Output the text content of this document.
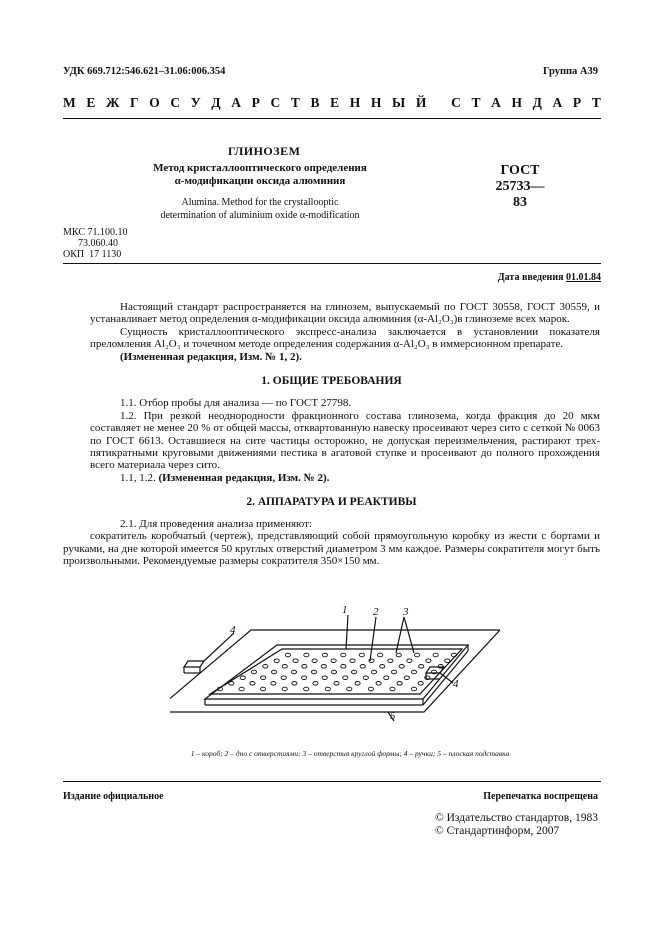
УДК 669.712:546.621–31.06:006.354	Группа А39
М Е Ж Г О С У Д А Р С Т В Е Н Н Ы Й
С Т А Н Д А Р Т
ГЛИНОЗЕМ
Метод кристаллооптического определения
α-модификации оксида алюминия
ГОСТ
25733—83
Alumina. Method for the crystallooptic
determination of aluminium oxide α-modification
МКС 71.100.10
73.060.40
ОКП  17 1130
Дата введения 01.01.84

Настоящий стандарт распространяется на глинозем, выпускаемый по ГОСТ 30558, ГОСТ 30559, и устанавливает метод определения α-модификации оксида алюминия (α-Al₂O₃)в глиноземе всех марок.

Сущность кристаллооптического экспресс-анализа заключается в установлении показателя преломления Al₂O₃ и точечном методе определения содержания α-Al₂O₃ в иммерсионном препарате.

(Измененная редакция, Изм. № 1, 2).

1. ОБЩИЕ ТРЕБОВАНИЯ

1.1. Отбор пробы для анализа — по ГОСТ 27798.

1.2. При резкой неоднородности фракционного состава глинозема, когда фракция до 20 мкм составляет не менее 20 % от общей массы, отквартованную навеску просеивают через сито с сеткой № 0063 по ГОСТ 6613. Оставшиеся на сите частицы осторожно, не допуская переизмельчения, растирают трех-пятикратными круговыми движениями пестика в агатовой ступке и просеивают до полного прохождения всего материала через сито.

1.1, 1.2. (Измененная редакция, Изм. № 2).

2. АППАРАТУРА И РЕАКТИВЫ

2.1. Для проведения анализа применяют:

сократитель коробчатый (чертеж), представляющий собой прямоугольную коробку из жести с бортами и ручками, на дне которой имеется 50 круглых отверстий диаметром 3 мм каждое. Размеры сократителя могут быть произвольными. Рекомендуемые размеры сократителя 350×150 мм.

1 2 3
4
4
5
1 – короб; 2 – дно с отверстиями; 3 – отверстия круглой формы; 4 – ручки; 5 – плоская подставка
Издание официальное	Перепечатка воспрещена
© Издательство стандартов, 1983
© Стандартинформ, 2007
